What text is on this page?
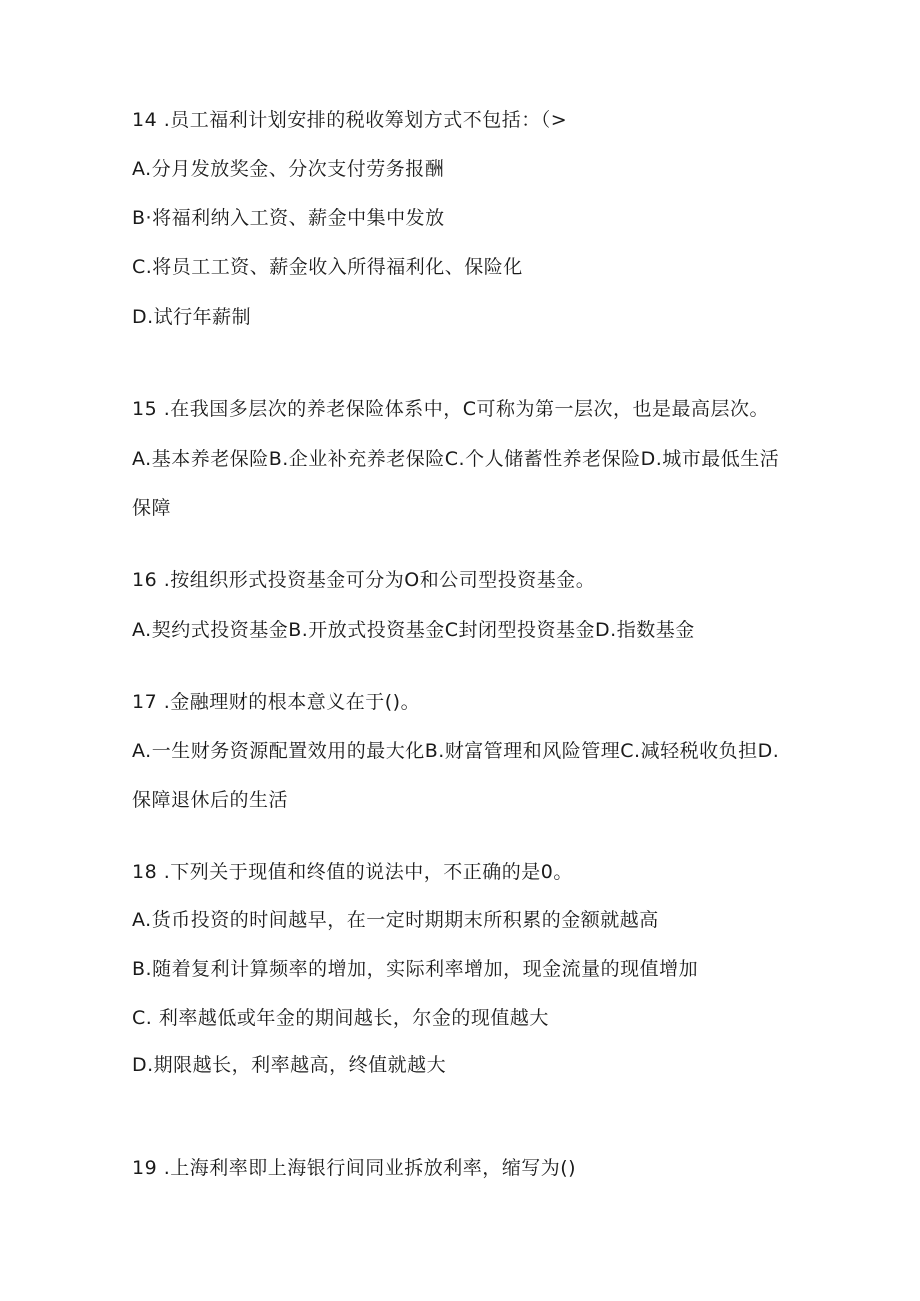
14 .员工福利计划安排的税收筹划方式不包括：（>
A.分月发放奖金、分次支付劳务报酬
B·将福利纳入工资、薪金中集中发放
C.将员工工资、薪金收入所得福利化、保险化
D.试行年薪制
15 .在我国多层次的养老保险体系中，C可称为第一层次，也是最高层次。
A.基本养老保险B.企业补充养老保险C.个人储蓄性养老保险D.城市最低生活
保障
16 .按组织形式投资基金可分为O和公司型投资基金。
A.契约式投资基金B.开放式投资基金C封闭型投资基金D.指数基金
17 .金融理财的根本意义在于()。
A.一生财务资源配置效用的最大化B.财富管理和风险管理C.减轻税收负担D.
保障退休后的生活
18 .下列关于现值和终值的说法中，不正确的是0。
A.货币投资的时间越早，在一定时期期末所积累的金额就越高
B.随着复利计算频率的增加，实际利率增加，现金流量的现值增加
C. 利率越低或年金的期间越长，尔金的现值越大
D.期限越长，利率越高，终值就越大
19 .上海利率即上海银行间同业拆放利率，缩写为()
